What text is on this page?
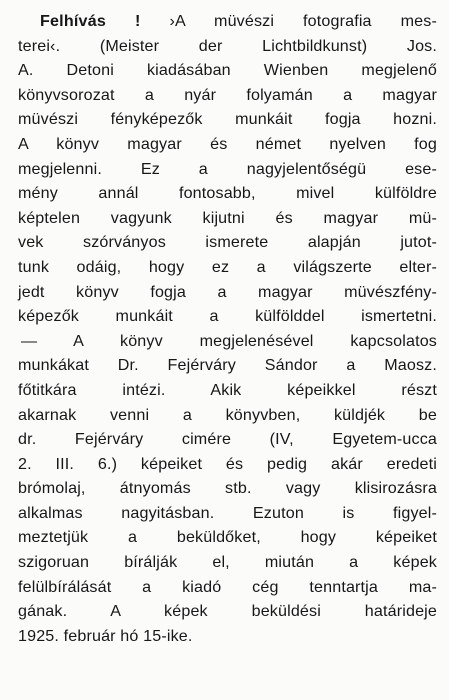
Felhívás ! ›A müvészi fotografia mes-
terei‹. (Meister der Lichtbildkunst) Jos.
A. Detoni kiadásában Wienben megjelenő
könyvsorozat a nyár folyamán a magyar
müvészi fényképezők munkáit fogja hozni.
A könyv magyar és német nyelven fog
megjelenni. Ez a nagyjelentőségü ese-
mény annál fontosabb, mivel külföldre
képtelen vagyunk kijutni és magyar mü-
vek szórványos ismerete alapján jutot-
tunk odáig, hogy ez a világszerte elter-
jedt könyv fogja a magyar müvészfény-
képezők munkáit a külfölddel ismertetni.
— A könyv megjelenésével kapcsolatos
munkákat Dr. Fejérváry Sándor a Maosz.
főtitkára intézi. Akik képeikkel részt
akarnak venni a könyvben, küldjék be
dr. Fejérváry cimére (IV, Egyetem-ucca
2. III. 6.) képeiket és pedig akár eredeti
brómolaj, átnyomás stb. vagy klisirozásra
alkalmas nagyitásban. Ezuton is figyel-
meztetjük a beküldőket, hogy képeiket
szigoruan bírálják el, miután a képek
felülbírálását a kiadó cég tenntartja ma-
gának. A képek beküldési határideje
1925. február hó 15-ike.
